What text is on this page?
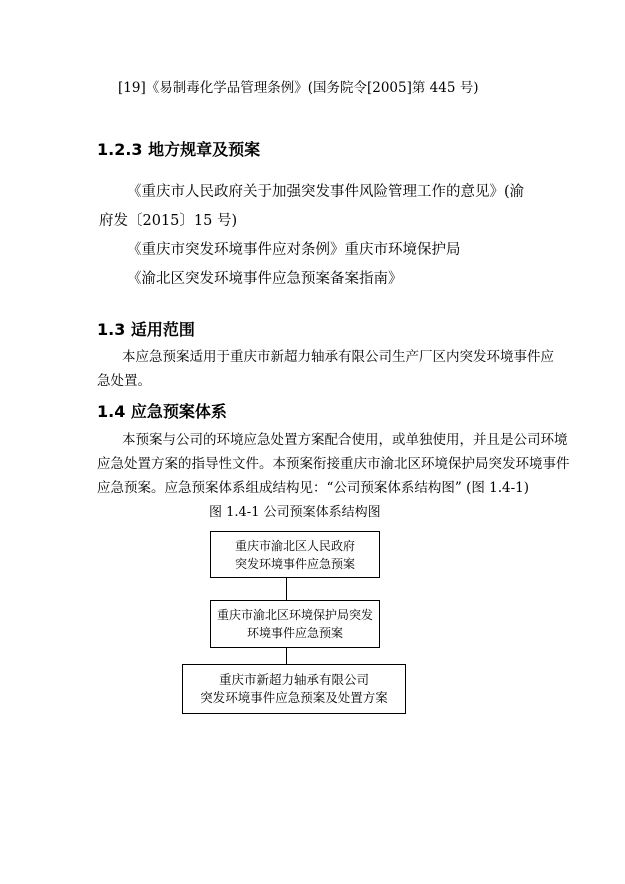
[19]《易制毒化学品管理条例》(国务院令[2005]第 445 号)
1.2.3 地方规章及预案
《重庆市人民政府关于加强突发事件风险管理工作的意见》(渝
府发〔2015〕15 号)
《重庆市突发环境事件应对条例》重庆市环境保护局
《渝北区突发环境事件应急预案备案指南》
1.3 适用范围
本应急预案适用于重庆市新超力轴承有限公司生产厂区内突发环境事件应
急处置。
1.4 应急预案体系
本预案与公司的环境应急处置方案配合使用，或单独使用，并且是公司环境
应急处置方案的指导性文件。本预案衔接重庆市渝北区环境保护局突发环境事件
应急预案。应急预案体系组成结构见：“公司预案体系结构图” (图 1.4-1)
图 1.4-1 公司预案体系结构图
重庆市渝北区人民政府
突发环境事件应急预案
重庆市渝北区环境保护局突发
环境事件应急预案
重庆市新超力轴承有限公司
突发环境事件应急预案及处置方案
